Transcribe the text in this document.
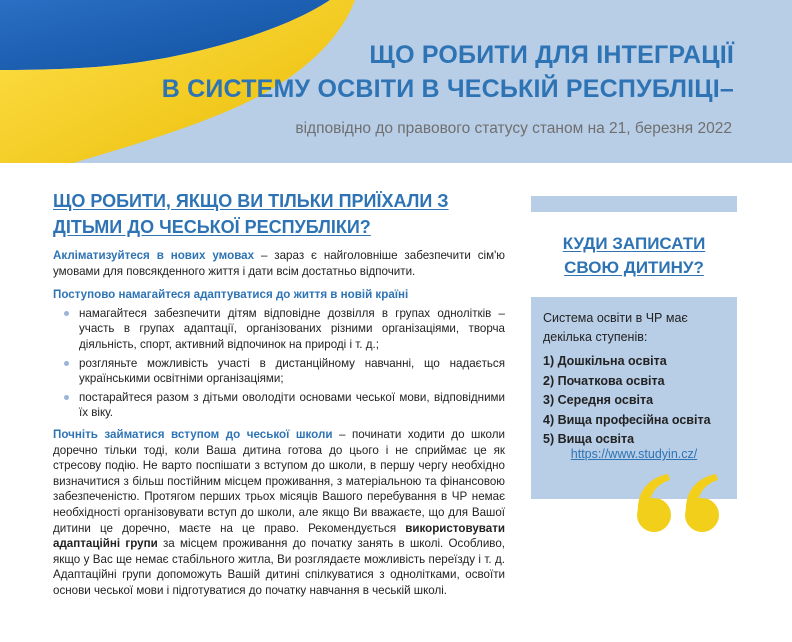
ЩО РОБИТИ ДЛЯ ІНТЕГРАЦІЇ
В СИСТЕМУ ОСВІТИ В ЧЕСЬКІЙ РЕСПУБЛІЦІ–
відповідно до правового статусу станом на 21, березня 2022
ЩО РОБИТИ, ЯКЩО ВИ ТІЛЬКИ ПРИЇХАЛИ З ДІТЬМИ ДО ЧЕСЬКОЇ РЕСПУБЛІКИ?

Акліматизуйтеся в нових умовах – зараз є найголовніше забезпечити сім'ю умовами для повсякденного життя і дати всім достатньо відпочити.

Поступово намагайтеся адаптуватися до життя в новій країні
намагайтеся забезпечити дітям відповідне дозвілля в групах однолітків – участь в групах адаптації, організованих різними організаціями, творча діяльність, спорт, активний відпочинок на природі і т. д.;
розгляньте можливість участі в дистанційному навчанні, що надається українськими освітніми організаціями;
постарайтеся разом з дітьми оволодіти основами чеської мови, відповідними їх віку.

Почніть займатися вступом до чеської школи – починати ходити до школи доречно тільки тоді, коли Ваша дитина готова до цього і не сприймає це як стресову подію. Не варто поспішати з вступом до школи, в першу чергу необхідно визначитися з більш постійним місцем проживання, з матеріальною та фінансовою забезпеченістю. Протягом перших трьох місяців Вашого перебування в ЧР немає необхідності організовувати вступ до школи, але якщо Ви вважаєте, що для Вашої дитини це доречно, маєте на це право. Рекомендується використовувати адаптаційні групи за місцем проживання до початку занять в школі. Особливо, якщо у Вас ще немає стабільного житла, Ви розглядаєте можливість переїзду і т. д. Адаптаційні групи допоможуть Вашій дитині спілкуватися з однолітками, освоїти основи чеської мови і підготуватися до початку навчання в чеській школі.

КУДИ ЗАПИСАТИ
СВОЮ ДИТИНУ?
Система освіти в ЧР має декілька ступенів:
1) Дошкільна освіта
2) Початкова освіта
3) Середня освіта
4) Вища професійна освіта
5) Вища освіта
https://www.studyin.cz/
